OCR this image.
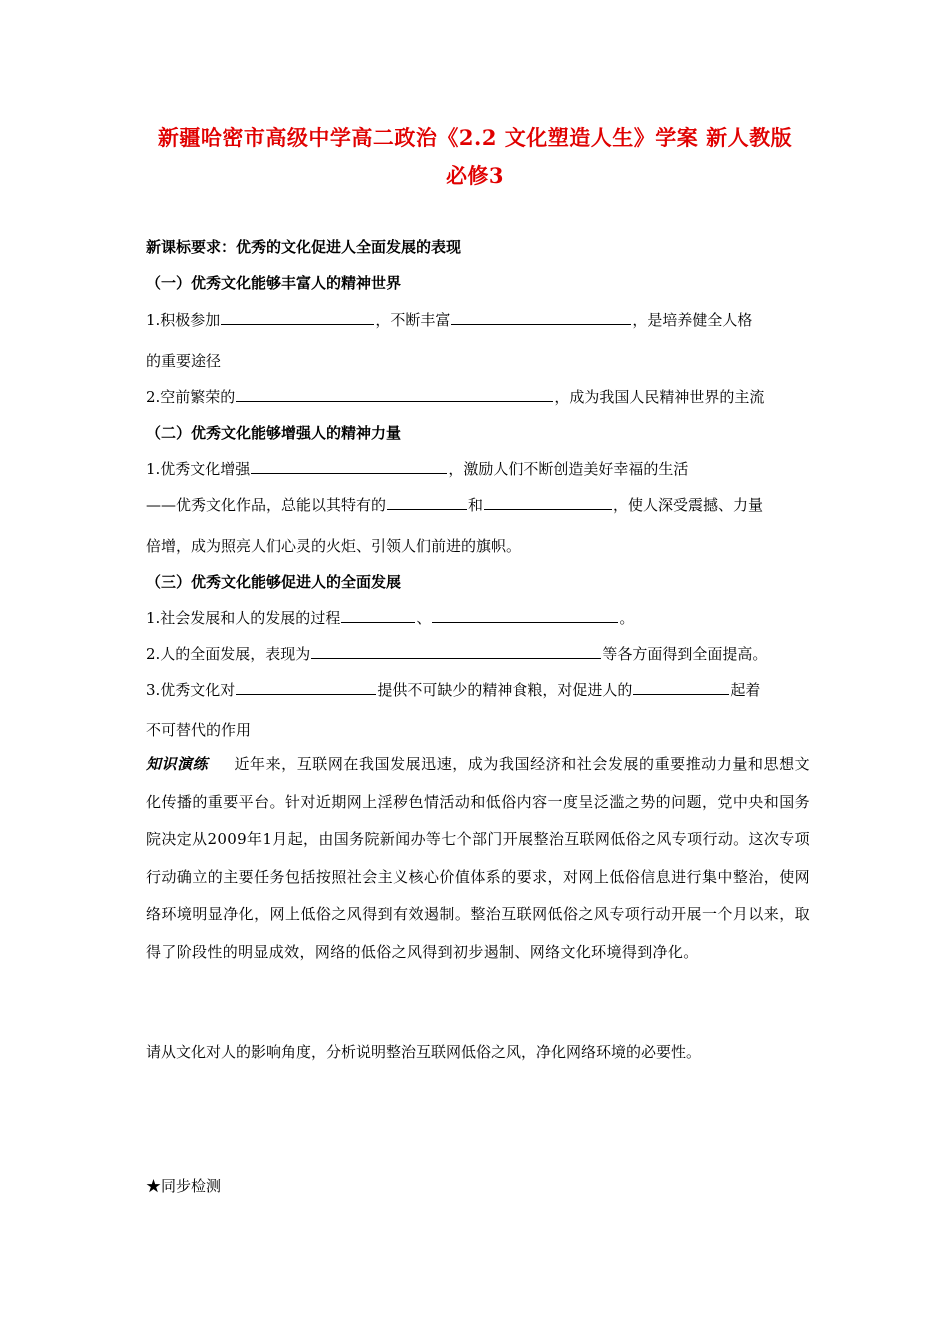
新疆哈密市高级中学高二政治《2.2 文化塑造人生》学案 新人教版
必修3
新课标要求：优秀的文化促进人全面发展的表现
（一）优秀文化能够丰富人的精神世界
1.积极参加	，不断丰富	，是培养健全人格
的重要途径
2.空前繁荣的	，成为我国人民精神世界的主流
（二）优秀文化能够增强人的精神力量
1.优秀文化增强	，激励人们不断创造美好幸福的生活
——优秀文化作品，总能以其特有的	和	，使人深受震撼、力量
倍增，成为照亮人们心灵的火炬、引领人们前进的旗帜。
（三）优秀文化能够促进人的全面发展
1.社会发展和人的发展的过程	、	。
2.人的全面发展，表现为	等各方面得到全面提高。
3.优秀文化对	提供不可缺少的精神食粮，对促进人的	起着
不可替代的作用
知识演练 近年来，互联网在我国发展迅速，成为我国经济和社会发展的重要推动力量和思想文化传播的重要平台。针对近期网上淫秽色情活动和低俗内容一度呈泛滥之势的问题，党中央和国务院决定从2009年1月起，由国务院新闻办等七个部门开展整治互联网低俗之风专项行动。这次专项行动确立的主要任务包括按照社会主义核心价值体系的要求，对网上低俗信息进行集中整治，使网络环境明显净化，网上低俗之风得到有效遏制。整治互联网低俗之风专项行动开展一个月以来，取得了阶段性的明显成效，网络的低俗之风得到初步遏制、网络文化环境得到净化。
请从文化对人的影响角度，分析说明整治互联网低俗之风，净化网络环境的必要性。
★同步检测
